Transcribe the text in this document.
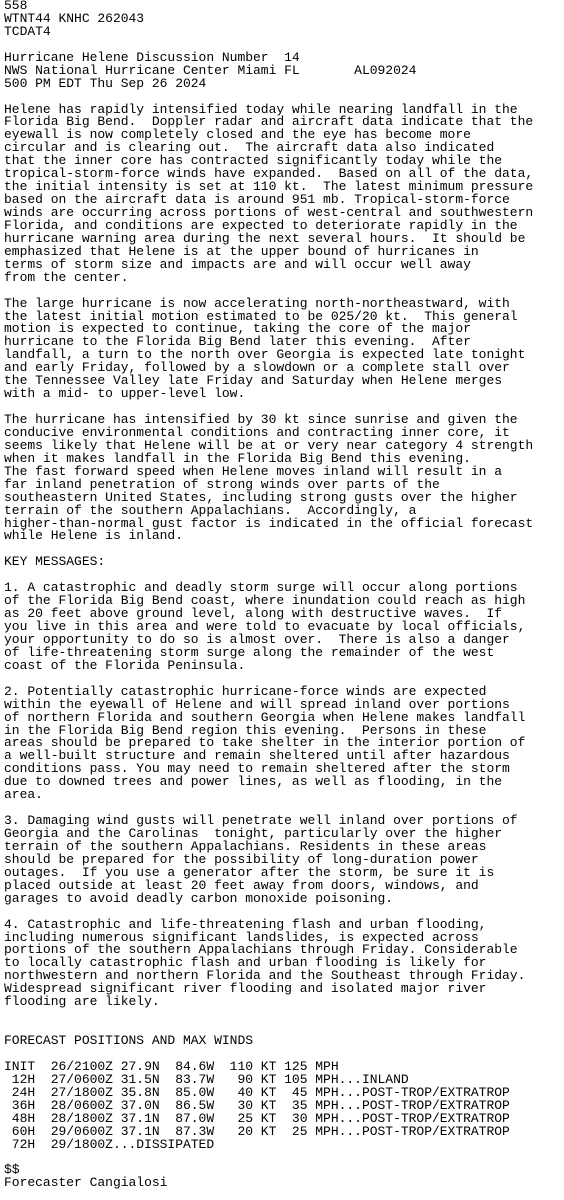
558
WTNT44 KNHC 262043
TCDAT4
Hurricane Helene Discussion Number  14
NWS National Hurricane Center Miami FL       AL092024
500 PM EDT Thu Sep 26 2024
Helene has rapidly intensified today while nearing landfall in the
Florida Big Bend.  Doppler radar and aircraft data indicate that the
eyewall is now completely closed and the eye has become more
circular and is clearing out.  The aircraft data also indicated
that the inner core has contracted significantly today while the
tropical-storm-force winds have expanded.  Based on all of the data,
the initial intensity is set at 110 kt.  The latest minimum pressure
based on the aircraft data is around 951 mb. Tropical-storm-force
winds are occurring across portions of west-central and southwestern
Florida, and conditions are expected to deteriorate rapidly in the
hurricane warning area during the next several hours.  It should be
emphasized that Helene is at the upper bound of hurricanes in
terms of storm size and impacts are and will occur well away
from the center.
The large hurricane is now accelerating north-northeastward, with
the latest initial motion estimated to be 025/20 kt.  This general
motion is expected to continue, taking the core of the major
hurricane to the Florida Big Bend later this evening.  After
landfall, a turn to the north over Georgia is expected late tonight
and early Friday, followed by a slowdown or a complete stall over
the Tennessee Valley late Friday and Saturday when Helene merges
with a mid- to upper-level low.
The hurricane has intensified by 30 kt since sunrise and given the
conducive environmental conditions and contracting inner core, it
seems likely that Helene will be at or very near category 4 strength
when it makes landfall in the Florida Big Bend this evening.
The fast forward speed when Helene moves inland will result in a
far inland penetration of strong winds over parts of the
southeastern United States, including strong gusts over the higher
terrain of the southern Appalachians.  Accordingly, a
higher-than-normal gust factor is indicated in the official forecast
while Helene is inland.
KEY MESSAGES:
1. A catastrophic and deadly storm surge will occur along portions
of the Florida Big Bend coast, where inundation could reach as high
as 20 feet above ground level, along with destructive waves.  If
you live in this area and were told to evacuate by local officials,
your opportunity to do so is almost over.  There is also a danger
of life-threatening storm surge along the remainder of the west
coast of the Florida Peninsula.
2. Potentially catastrophic hurricane-force winds are expected
within the eyewall of Helene and will spread inland over portions
of northern Florida and southern Georgia when Helene makes landfall
in the Florida Big Bend region this evening.  Persons in these
areas should be prepared to take shelter in the interior portion of
a well-built structure and remain sheltered until after hazardous
conditions pass. You may need to remain sheltered after the storm
due to downed trees and power lines, as well as flooding, in the
area.
3. Damaging wind gusts will penetrate well inland over portions of
Georgia and the Carolinas  tonight, particularly over the higher
terrain of the southern Appalachians. Residents in these areas
should be prepared for the possibility of long-duration power
outages.  If you use a generator after the storm, be sure it is
placed outside at least 20 feet away from doors, windows, and
garages to avoid deadly carbon monoxide poisoning.
4. Catastrophic and life-threatening flash and urban flooding,
including numerous significant landslides, is expected across
portions of the southern Appalachians through Friday. Considerable
to locally catastrophic flash and urban flooding is likely for
northwestern and northern Florida and the Southeast through Friday.
Widespread significant river flooding and isolated major river
flooding are likely.
FORECAST POSITIONS AND MAX WINDS
INIT  26/2100Z 27.9N  84.6W  110 KT 125 MPH
12H  27/0600Z 31.5N  83.7W   90 KT 105 MPH...INLAND
24H  27/1800Z 35.8N  85.0W   40 KT  45 MPH...POST-TROP/EXTRATROP
36H  28/0600Z 37.0N  86.5W   30 KT  35 MPH...POST-TROP/EXTRATROP
48H  28/1800Z 37.1N  87.0W   25 KT  30 MPH...POST-TROP/EXTRATROP
60H  29/0600Z 37.1N  87.3W   20 KT  25 MPH...POST-TROP/EXTRATROP
72H  29/1800Z...DISSIPATED
$$
Forecaster Cangialosi
